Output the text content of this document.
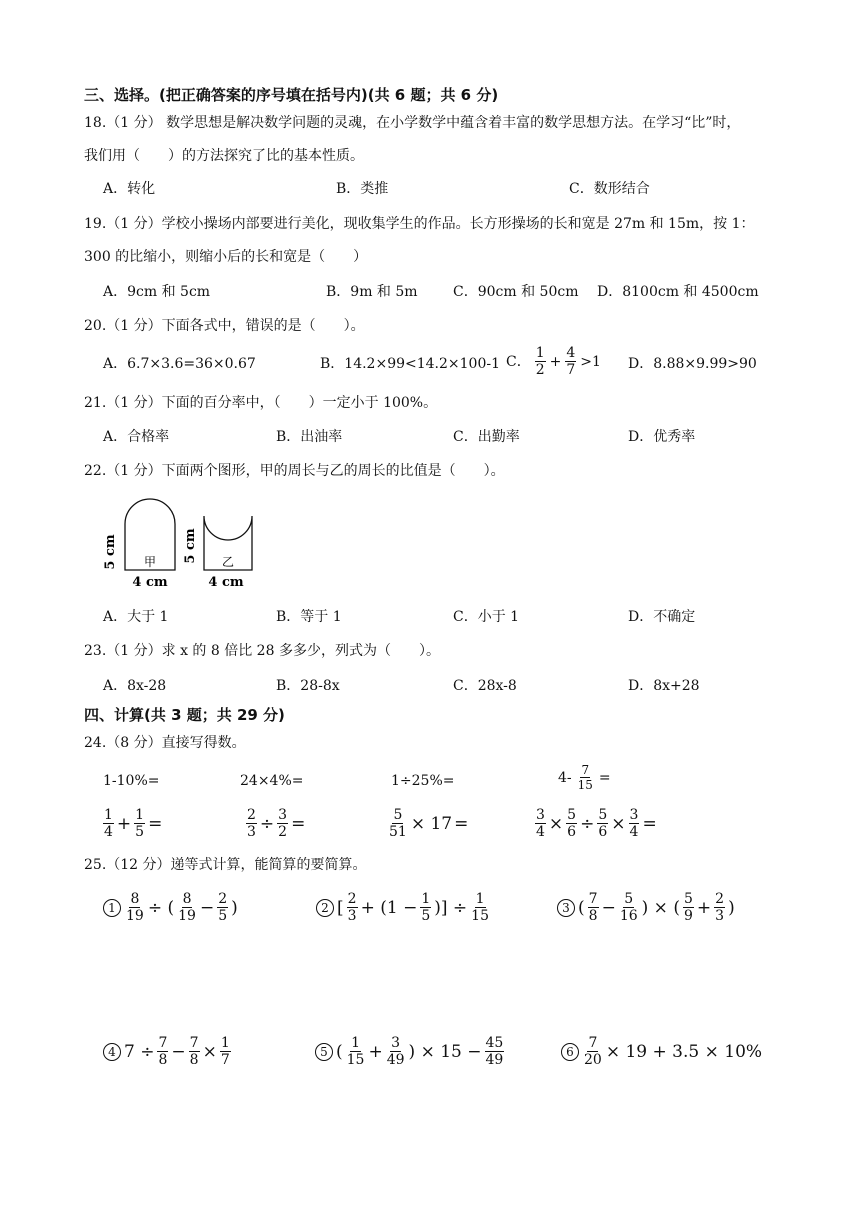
三、选择。(把正确答案的序号填在括号内)(共 6 题；共 6 分)
18.（1 分） 数学思想是解决数学问题的灵魂，在小学数学中蕴含着丰富的数学思想方法。在学习“比”时，
我们用（　　）的方法探究了比的基本性质。
A．转化	B．类推	C．数形结合
19.（1 分）学校小操场内部要进行美化，现收集学生的作品。长方形操场的长和宽是 27m 和 15m，按 1：
300 的比缩小，则缩小后的长和宽是（　　）
A．9cm 和 5cm	B．9m 和 5m	C．90cm 和 50cm D．8100cm 和 4500cm
20.（1 分）下面各式中，错误的是（　　）。
A．6.7×3.6=36×0.67	B．14.2×99<14.2×100-1 C． $\frac{1}{2} + \frac{4}{7} >1$ D．8.88×9.99>90
21.（1 分）下面的百分率中，（　　）一定小于 100%。
A．合格率	B．出油率	C．出勤率	D．优秀率
22.（1 分）下面两个图形，甲的周长与乙的周长的比值是（　　）。
5 cm 甲
4 cm
5 cm 乙
4 cm
A．大于 1	B．等于 1	C．小于 1	D．不确定
23.（1 分）求 x 的 8 倍比 28 多多少，列式为（　　）。
A．8x-28	B．28-8x	C．28x-8	D．8x+28
四、计算(共 3 题；共 29 分)
24.（8 分）直接写得数。
1-10%=	24×4%=	1÷25%=	$4- \frac{7}{15}$ =
$\frac{1}{4} + \frac{1}{5}$ =	$\frac{2}{3} \div \frac{3}{2}$ =	$\frac{5}{51} \times 17$ =	$\frac{3}{4} \times \frac{5}{6} \div \frac{5}{6} \times \frac{3}{4}$ =
25.（12 分）递等式计算，能简算的要简算。
$1 \frac{8}{19}$ ÷ ( $\frac{8}{19} - \frac{2}{5}$ )	2 [ $\frac{2}{3} + (1 - \frac{1}{5}$ )] ÷ $\frac{1}{15}$	3 ( $\frac{7}{8} - \frac{5}{16}$ ) × ( $\frac{5}{9} + \frac{2}{3}$ )
4 $7 \div \frac{7}{8} - \frac{7}{8} \times \frac{1}{7}$	5 ( $\frac{1}{15} + \frac{3}{49}$ ) × $15 - \frac{45}{49}$	$6 \frac{7}{20} \times 19 + 3.5 \times 10\%$
